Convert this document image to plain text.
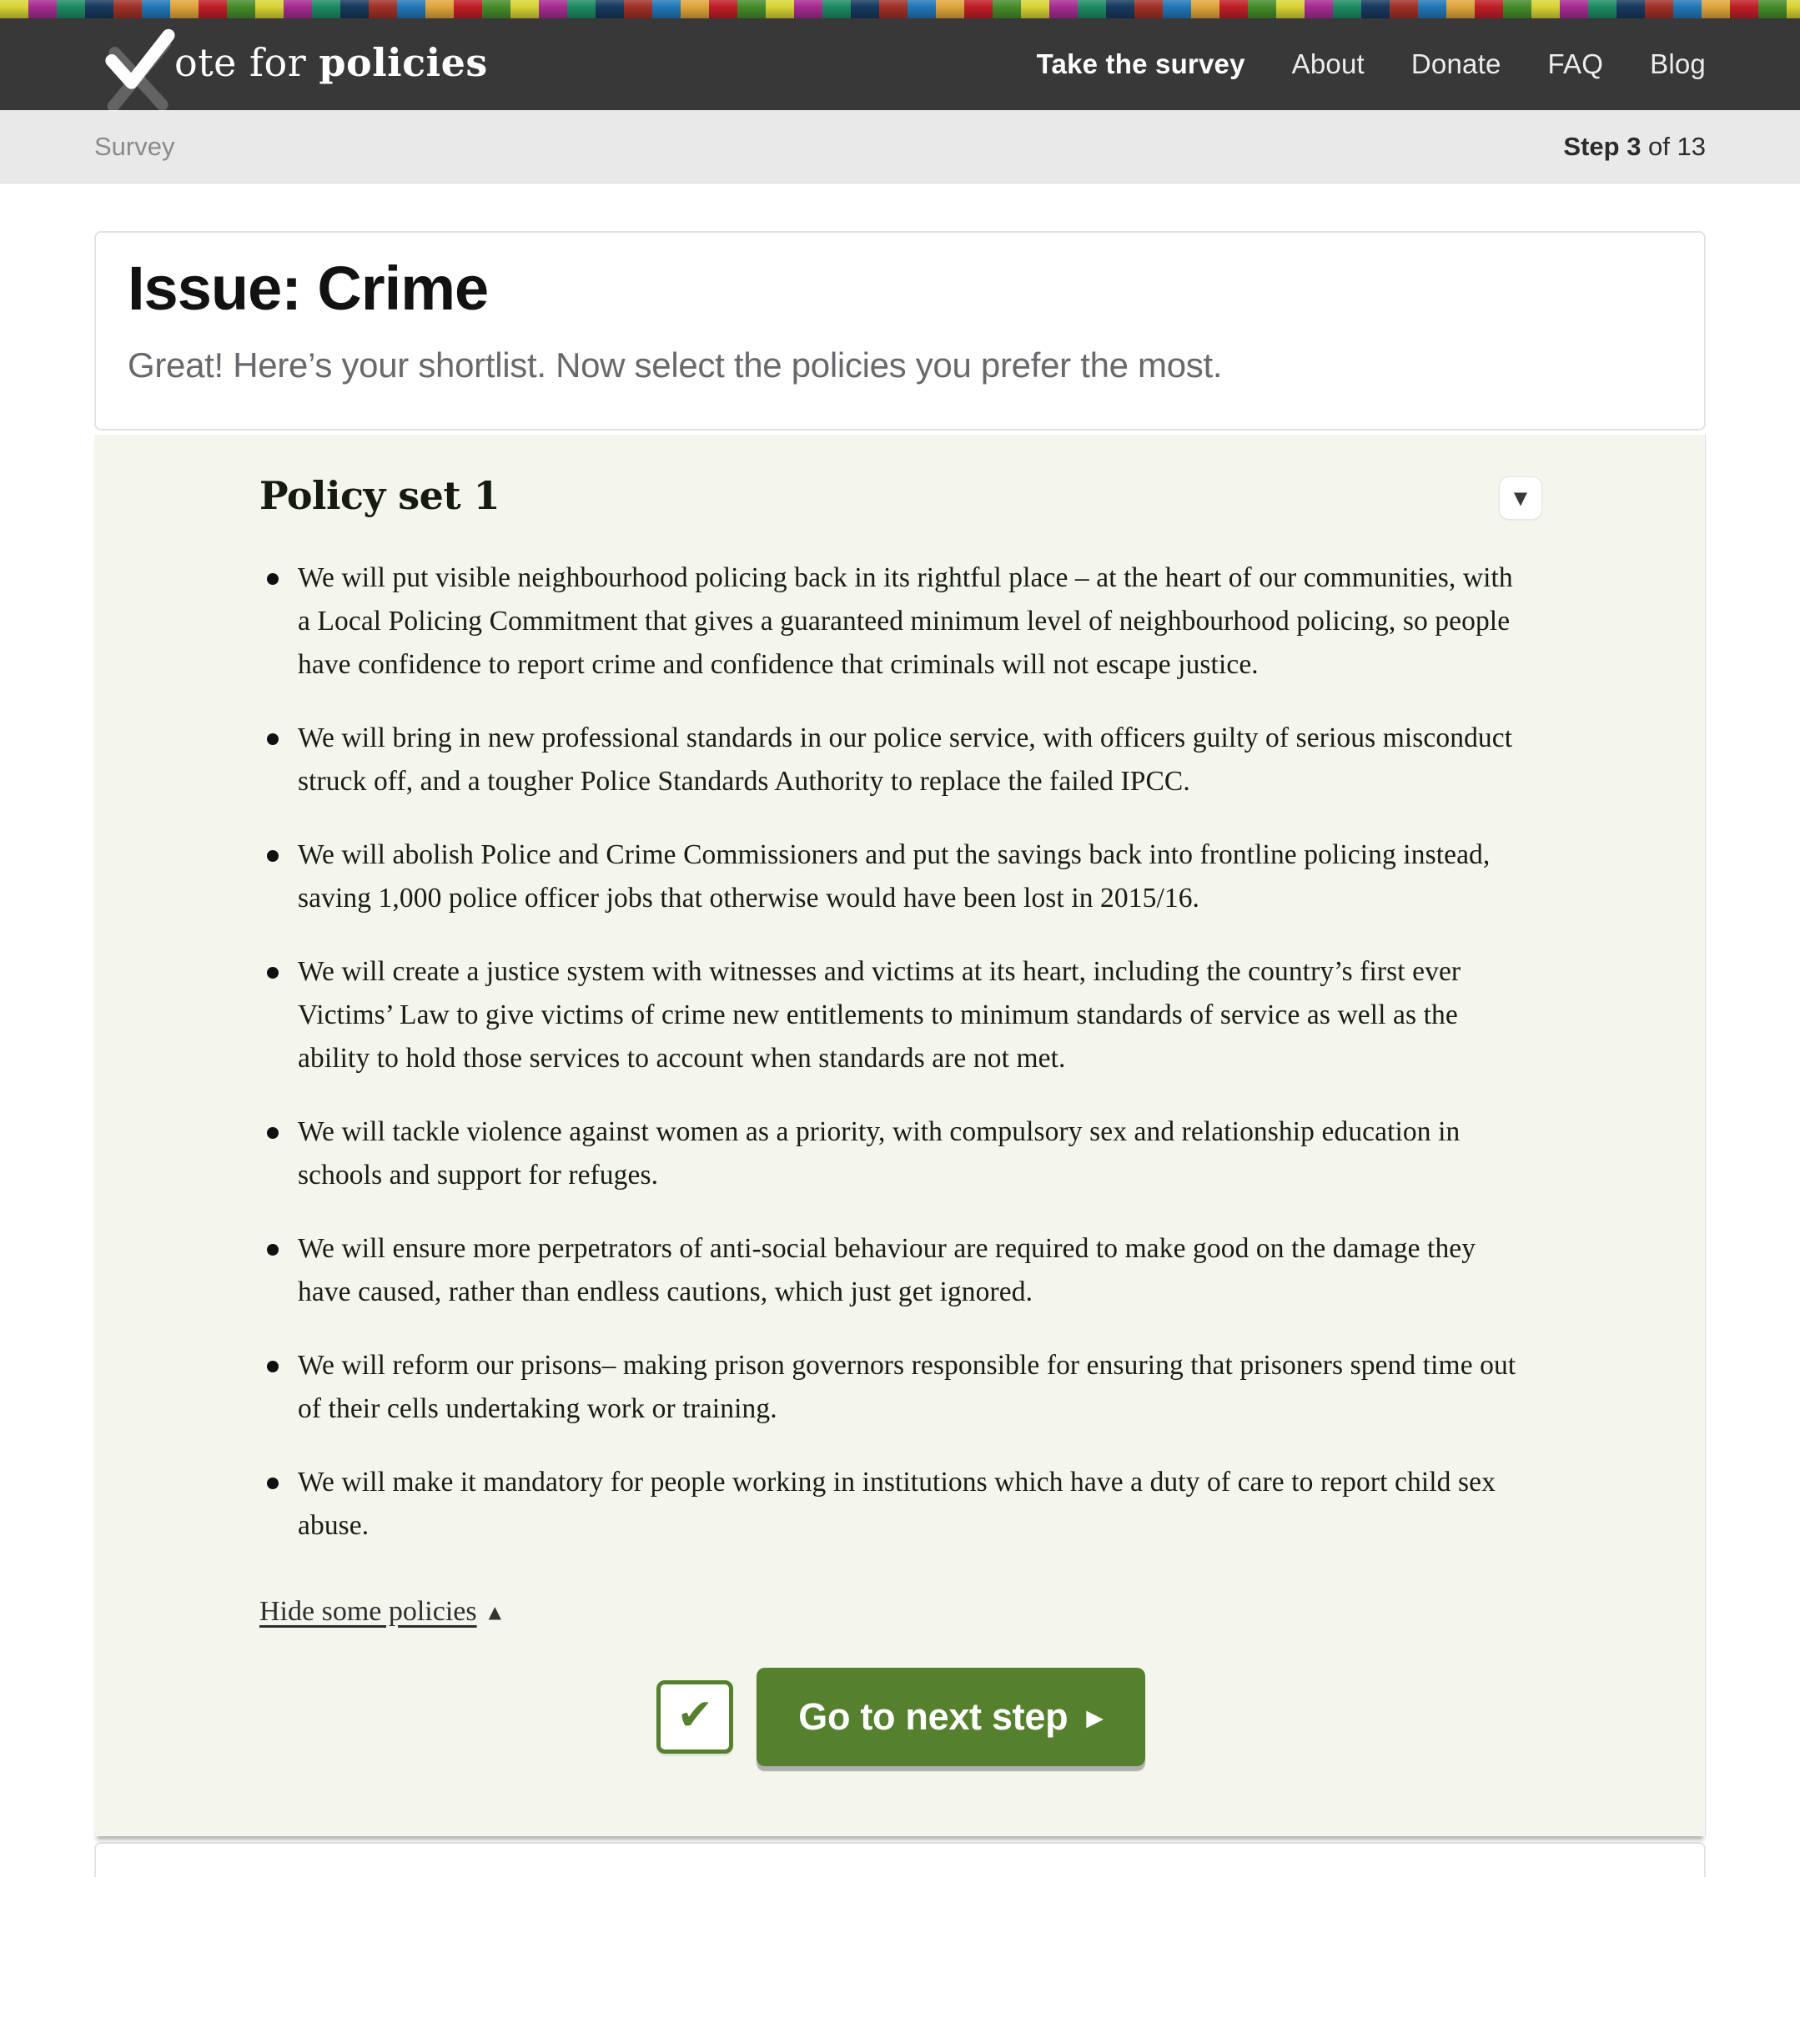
ote for policies	Take the survey About Donate FAQ Blog
Survey	Step 3 of 13
Issue: Crime

Great! Here’s your shortlist. Now select the policies you prefer the most.

Policy set 1	▼
We will put visible neighbourhood policing back in its rightful place – at the heart of our communities, with a Local Policing Commitment that gives a guaranteed minimum level of neighbourhood policing, so people have confidence to report crime and confidence that criminals will not escape justice.
We will bring in new professional standards in our police service, with officers guilty of serious misconduct struck off, and a tougher Police Standards Authority to replace the failed IPCC.
We will abolish Police and Crime Commissioners and put the savings back into frontline policing instead, saving 1,000 police officer jobs that otherwise would have been lost in 2015/16.
We will create a justice system with witnesses and victims at its heart, including the country’s first ever Victims’ Law to give victims of crime new entitlements to minimum standards of service as well as the ability to hold those services to account when standards are not met.
We will tackle violence against women as a priority, with compulsory sex and relationship education in schools and support for refuges.
We will ensure more perpetrators of anti-social behaviour are required to make good on the damage they have caused, rather than endless cautions, which just get ignored.
We will reform our prisons– making prison governors responsible for ensuring that prisoners spend time out of their cells undertaking work or training.
We will make it mandatory for people working in institutions which have a duty of care to report child sex abuse.
Hide some policies ▲
✔ Go to next step ▶
